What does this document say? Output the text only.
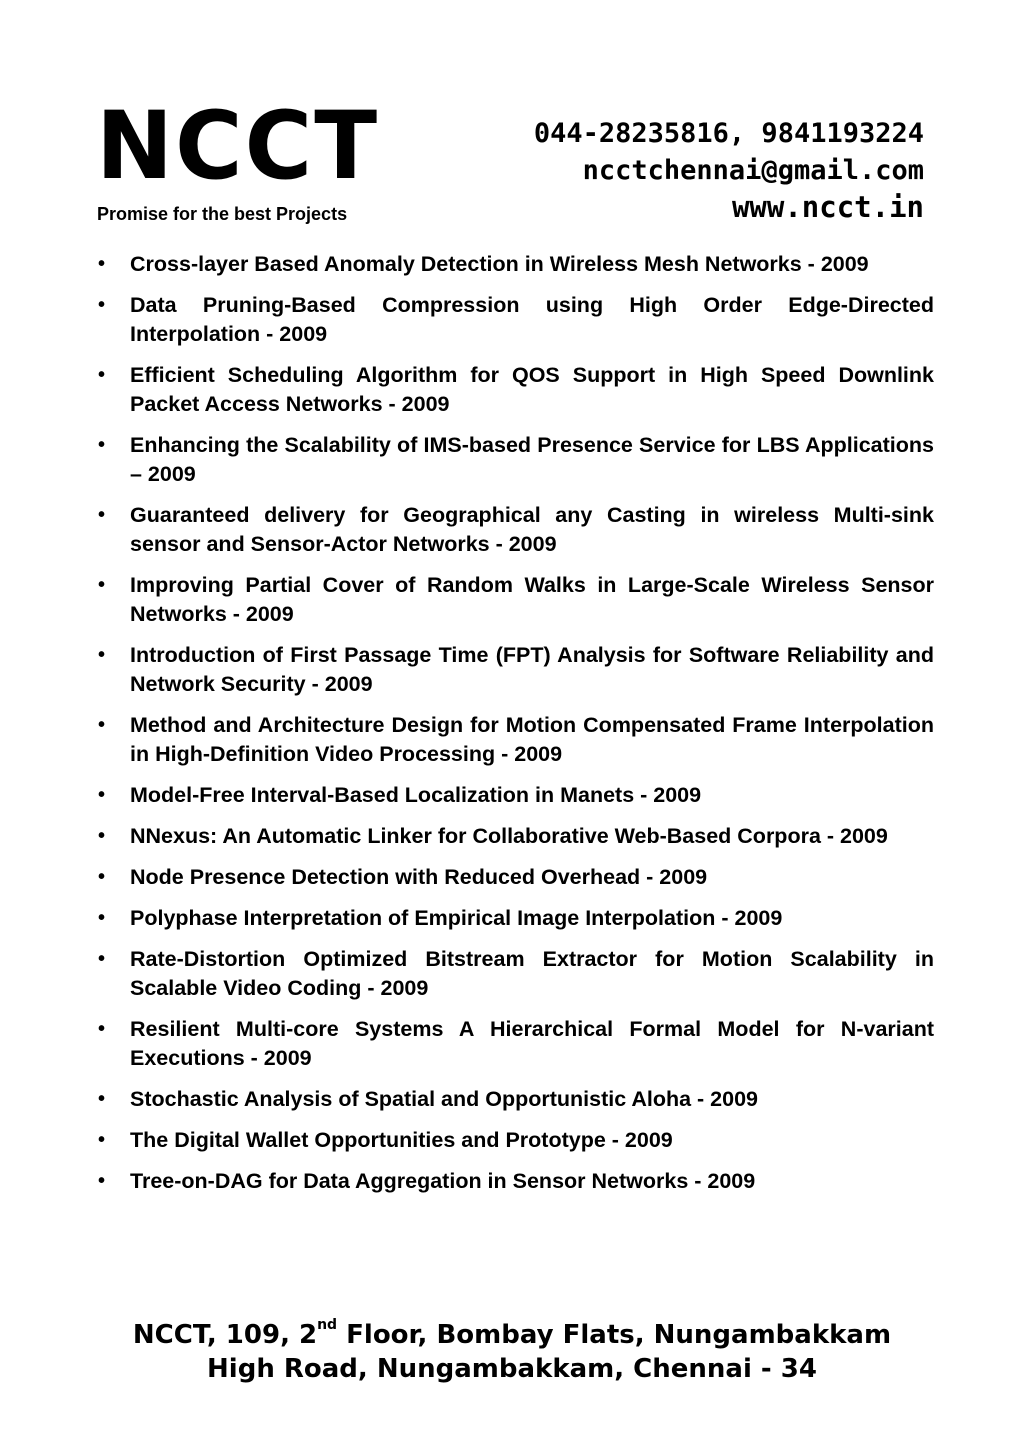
NCCT
Promise for the best Projects
044-28235816, 9841193224
ncctchennai@gmail.com
www.ncct.in
• Cross-layer Based Anomaly Detection in Wireless Mesh Networks - 2009
• Data Pruning-Based Compression using High Order Edge-Directed Interpolation - 2009
• Efficient Scheduling Algorithm for QOS Support in High Speed Downlink Packet Access Networks - 2009
• Enhancing the Scalability of IMS-based Presence Service for LBS Applications – 2009
• Guaranteed delivery for Geographical any Casting in wireless Multi-sink sensor and Sensor-Actor Networks - 2009
• Improving Partial Cover of Random Walks in Large-Scale Wireless Sensor Networks - 2009
• Introduction of First Passage Time (FPT) Analysis for Software Reliability and Network Security - 2009
• Method and Architecture Design for Motion Compensated Frame Interpolation in High-Definition Video Processing - 2009
• Model-Free Interval-Based Localization in Manets - 2009
• NNexus: An Automatic Linker for Collaborative Web-Based Corpora - 2009
• Node Presence Detection with Reduced Overhead - 2009
• Polyphase Interpretation of Empirical Image Interpolation - 2009
• Rate-Distortion Optimized Bitstream Extractor for Motion Scalability in Scalable Video Coding - 2009
• Resilient Multi-core Systems A Hierarchical Formal Model for N-variant Executions - 2009
• Stochastic Analysis of Spatial and Opportunistic Aloha - 2009
• The Digital Wallet Opportunities and Prototype - 2009
• Tree-on-DAG for Data Aggregation in Sensor Networks - 2009
NCCT, 109, 2nd Floor, Bombay Flats, Nungambakkam
High Road, Nungambakkam, Chennai - 34
